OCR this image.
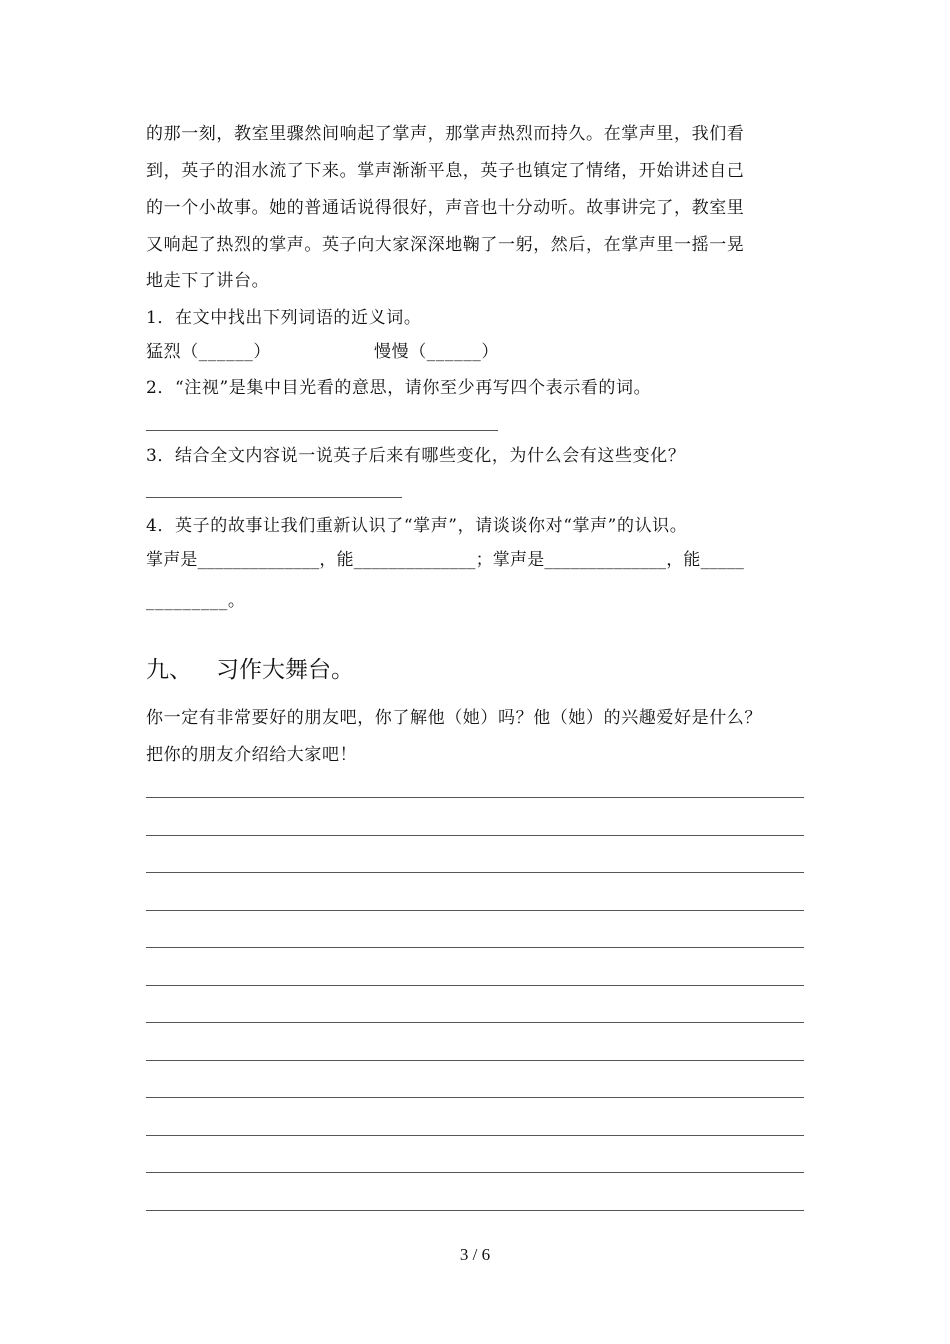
的那一刻，教室里骤然间响起了掌声，那掌声热烈而持久。在掌声里，我们看
到，英子的泪水流了下来。掌声渐渐平息，英子也镇定了情绪，开始讲述自己
的一个小故事。她的普通话说得很好，声音也十分动听。故事讲完了，教室里
又响起了热烈的掌声。英子向大家深深地鞠了一躬，然后，在掌声里一摇一晃
地走下了讲台。
1．在文中找出下列词语的近义词。
猛烈（______）	慢慢（______）
2．“注视”是集中目光看的意思，请你至少再写四个表示看的词。
3．结合全文内容说一说英子后来有哪些变化，为什么会有这些变化？
4．英子的故事让我们重新认识了“掌声”，请谈谈你对“掌声”的认识。
掌声是______________，能______________；掌声是______________，能_____
_________。
九、 习作大舞台。
你一定有非常要好的朋友吧，你了解他（她）吗？他（她）的兴趣爱好是什么？
把你的朋友介绍给大家吧！
3 / 6
